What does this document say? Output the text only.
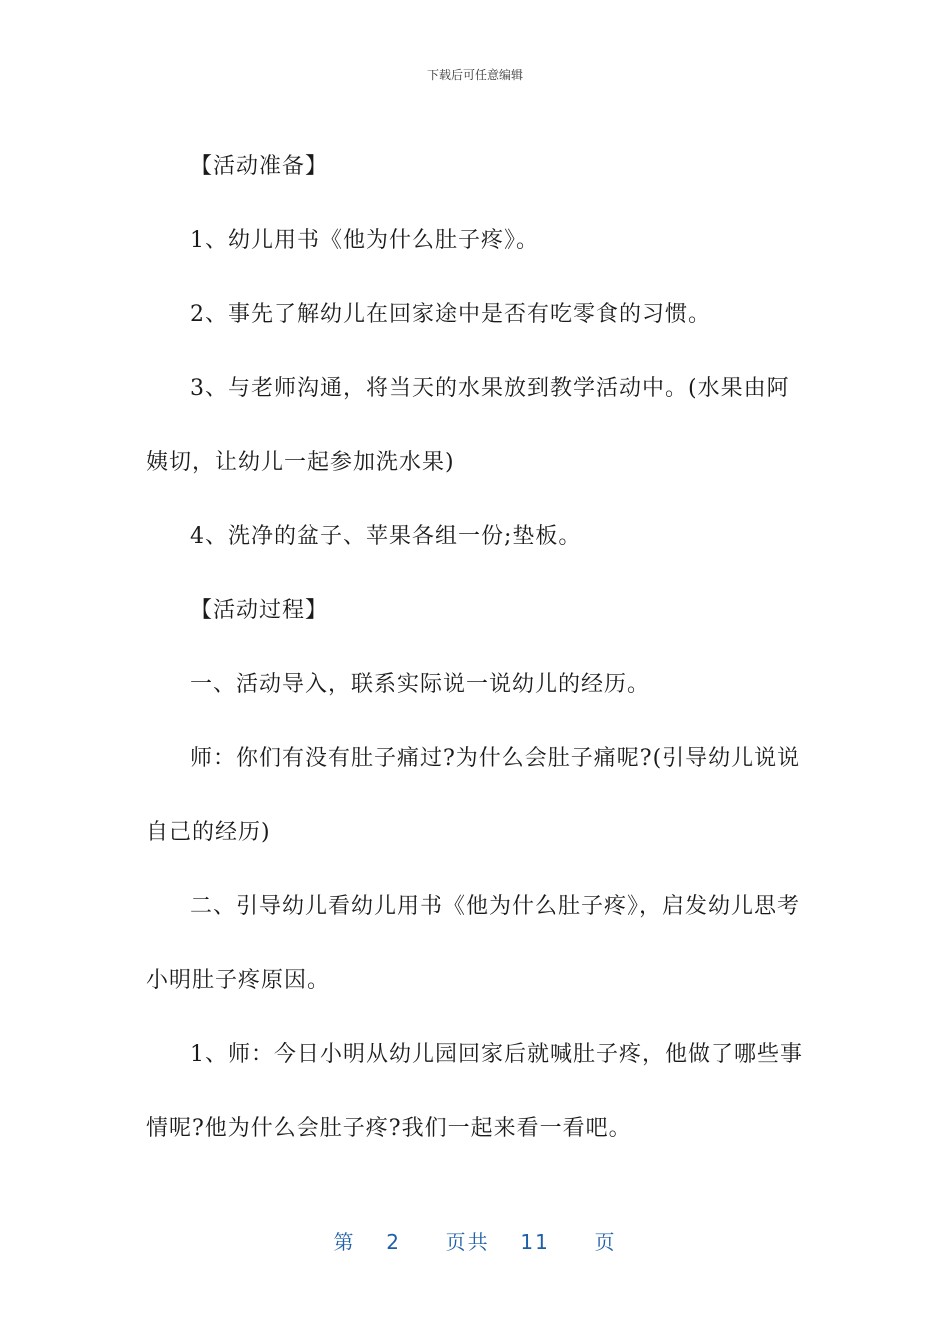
下载后可任意编辑

【活动准备】

1、幼儿用书《他为什么肚子疼》。

2、事先了解幼儿在回家途中是否有吃零食的习惯。

3、与老师沟通，将当天的水果放到教学活动中。(水果由阿姨切，让幼儿一起参加洗水果)

4、洗净的盆子、苹果各组一份;垫板。

【活动过程】

一、活动导入，联系实际说一说幼儿的经历。

师：你们有没有肚子痛过?为什么会肚子痛呢?(引导幼儿说说自己的经历)

二、引导幼儿看幼儿用书《他为什么肚子疼》，启发幼儿思考小明肚子疼原因。

1、师：今日小明从幼儿园回家后就喊肚子疼，他做了哪些事情呢?他为什么会肚子疼?我们一起来看一看吧。

第 2 页共 11 页
